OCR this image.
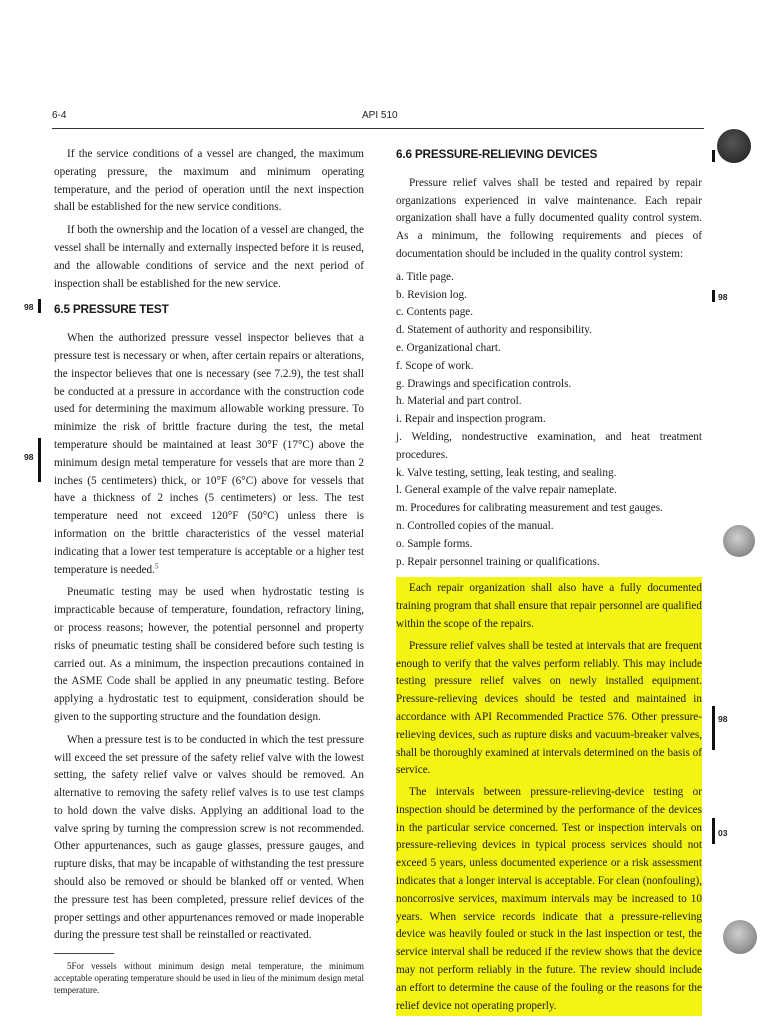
6-4	API 510

If the service conditions of a vessel are changed, the maximum operating pressure, the maximum and minimum operating temperature, and the period of operation until the next inspection shall be established for the new service conditions.

If both the ownership and the location of a vessel are changed, the vessel shall be internally and externally inspected before it is reused, and the allowable conditions of service and the next period of inspection shall be established for the new service.

6.5 PRESSURE TEST

When the authorized pressure vessel inspector believes that a pressure test is necessary or when, after certain repairs or alterations, the inspector believes that one is necessary (see 7.2.9), the test shall be conducted at a pressure in accordance with the construction code used for determining the maximum allowable working pressure. To minimize the risk of brittle fracture during the test, the metal temperature should be maintained at least 30°F (17°C) above the minimum design metal temperature for vessels that are more than 2 inches (5 centimeters) thick, or 10°F (6°C) above for vessels that have a thickness of 2 inches (5 centimeters) or less. The test temperature need not exceed 120°F (50°C) unless there is information on the brittle characteristics of the vessel material indicating that a lower test temperature is acceptable or a higher test temperature is needed.$^5$

Pneumatic testing may be used when hydrostatic testing is impracticable because of temperature, foundation, refractory lining, or process reasons; however, the potential personnel and property risks of pneumatic testing shall be considered before such testing is carried out. As a minimum, the inspection precautions contained in the ASME Code shall be applied in any pneumatic testing. Before applying a hydrostatic test to equipment, consideration should be given to the supporting structure and the foundation design.

When a pressure test is to be conducted in which the test pressure will exceed the set pressure of the safety relief valve with the lowest setting, the safety relief valve or valves should be removed. An alternative to removing the safety relief valves is to use test clamps to hold down the valve disks. Applying an additional load to the valve spring by turning the compression screw is not recommended. Other appurtenances, such as gauge glasses, pressure gauges, and rupture disks, that may be incapable of withstanding the test pressure should also be removed or should be blanked off or vented. When the pressure test has been completed, pressure relief devices of the proper settings and other appurtenances removed or made inoperable during the pressure test shall be reinstalled or reactivated.

5For vessels without minimum design metal temperature, the minimum acceptable operating temperature should be used in lieu of the minimum design metal temperature.

6.6 PRESSURE-RELIEVING DEVICES

Pressure relief valves shall be tested and repaired by repair organizations experienced in valve maintenance. Each repair organization shall have a fully documented quality control system. As a minimum, the following requirements and pieces of documentation should be included in the quality control system:

a. Title page.
b. Revision log.
c. Contents page.
d. Statement of authority and responsibility.
e. Organizational chart.
f. Scope of work.
g. Drawings and specification controls.
h. Material and part control.
i. Repair and inspection program.
j. Welding, nondestructive examination, and heat treatment procedures.
k. Valve testing, setting, leak testing, and sealing.
l. General example of the valve repair nameplate.
m. Procedures for calibrating measurement and test gauges.
n. Controlled copies of the manual.
o. Sample forms.
p. Repair personnel training or qualifications.

Each repair organization shall also have a fully documented training program that shall ensure that repair personnel are qualified within the scope of the repairs.

Pressure relief valves shall be tested at intervals that are frequent enough to verify that the valves perform reliably. This may include testing pressure relief valves on newly installed equipment. Pressure-relieving devices should be tested and maintained in accordance with API Recommended Practice 576. Other pressure-relieving devices, such as rupture disks and vacuum-breaker valves, shall be thoroughly examined at intervals determined on the basis of service.

The intervals between pressure-relieving-device testing or inspection should be determined by the performance of the devices in the particular service concerned. Test or inspection intervals on pressure-relieving devices in typical process services should not exceed 5 years, unless documented experience or a risk assessment indicates that a longer interval is acceptable. For clean (nonfouling), noncorrosive services, maximum intervals may be increased to 10 years. When service records indicate that a pressure-relieving device was heavily fouled or stuck in the last inspection or test, the service interval shall be reduced if the review shows that the device may not perform reliably in the future. The review should include an effort to determine the cause of the fouling or the reasons for the relief device not operating properly.

98
98
98
98
03
